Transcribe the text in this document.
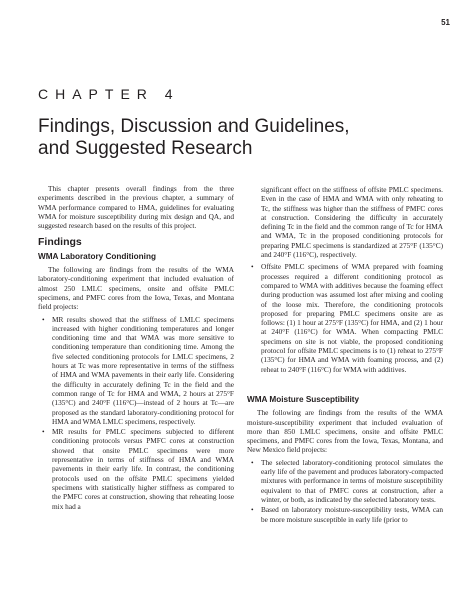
51
CHAPTER 4
Findings, Discussion and Guidelines,
and Suggested Research

This chapter presents overall findings from the three experiments described in the previous chapter, a summary of WMA performance compared to HMA, guidelines for evaluating WMA for moisture susceptibility during mix design and QA, and suggested research based on the results of this project.

Findings
WMA Laboratory Conditioning

The following are findings from the results of the WMA laboratory-conditioning experiment that included evaluation of almost 250 LMLC specimens, onsite and offsite PMLC specimens, and PMFC cores from the Iowa, Texas, and Montana field projects:

• MR results showed that the stiffness of LMLC specimens increased with higher conditioning temperatures and longer conditioning time and that WMA was more sensitive to conditioning temperature than conditioning time. Among the five selected conditioning protocols for LMLC specimens, 2 hours at Tc was more representative in terms of the stiffness of HMA and WMA pavements in their early life. Considering the difficulty in accurately defining Tc in the field and the common range of Tc for HMA and WMA, 2 hours at 275°F (135°C) and 240°F (116°C)—instead of 2 hours at Tc—are proposed as the standard laboratory-conditioning protocol for HMA and WMA LMLC specimens, respectively.
• MR results for PMLC specimens subjected to different conditioning protocols versus PMFC cores at construction showed that onsite PMLC specimens were more representative in terms of stiffness of HMA and WMA pavements in their early life. In contrast, the conditioning protocols used on the offsite PMLC specimens yielded specimens with statistically higher stiffness as compared to the PMFC cores at construction, showing that reheating loose mix had a

significant effect on the stiffness of offsite PMLC specimens. Even in the case of HMA and WMA with only reheating to Tc, the stiffness was higher than the stiffness of PMFC cores at construction. Considering the difficulty in accurately defining Tc in the field and the common range of Tc for HMA and WMA, Tc in the proposed conditioning protocols for preparing PMLC specimens is standardized at 275°F (135°C) and 240°F (116°C), respectively.

• Offsite PMLC specimens of WMA prepared with foaming processes required a different conditioning protocol as compared to WMA with additives because the foaming effect during production was assumed lost after mixing and cooling of the loose mix. Therefore, the conditioning protocols proposed for preparing PMLC specimens onsite are as follows: (1) 1 hour at 275°F (135°C) for HMA, and (2) 1 hour at 240°F (116°C) for WMA. When compacting PMLC specimens on site is not viable, the proposed conditioning protocol for offsite PMLC specimens is to (1) reheat to 275°F (135°C) for HMA and WMA with foaming process, and (2) reheat to 240°F (116°C) for WMA with additives.
WMA Moisture Susceptibility

The following are findings from the results of the WMA moisture-susceptibility experiment that included evaluation of more than 850 LMLC specimens, onsite and offsite PMLC specimens, and PMFC cores from the Iowa, Texas, Montana, and New Mexico field projects:

• The selected laboratory-conditioning protocol simulates the early life of the pavement and produces laboratory-compacted mixtures with performance in terms of moisture susceptibility equivalent to that of PMFC cores at construction, after a winter, or both, as indicated by the selected laboratory tests.
• Based on laboratory moisture-susceptibility tests, WMA can be more moisture susceptible in early life (prior to
